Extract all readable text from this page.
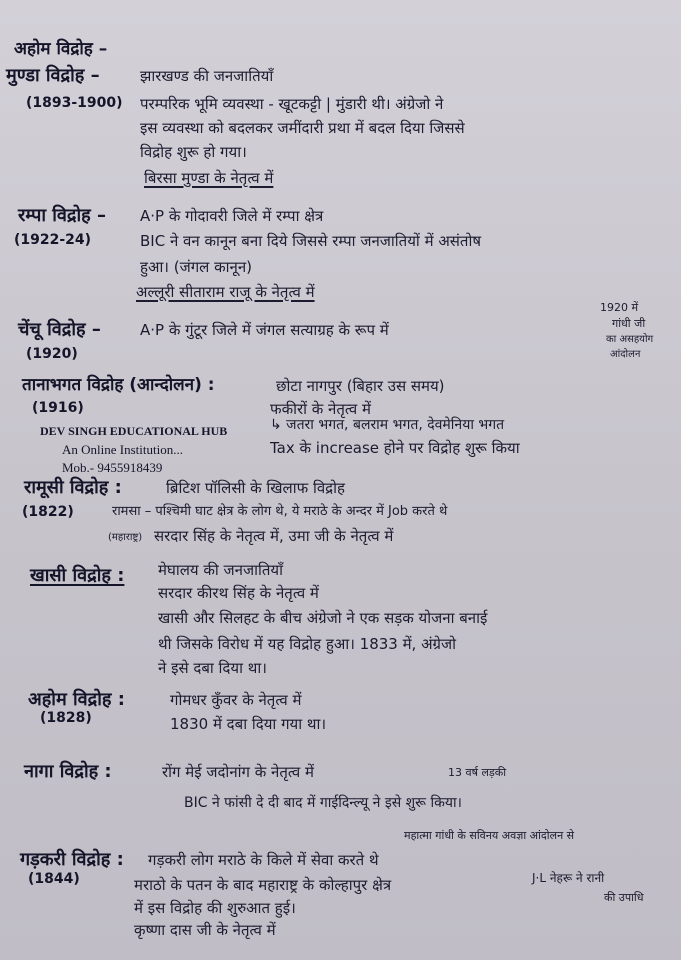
अहोम विद्रोह –
मुण्डा विद्रोह –	झारखण्ड की जनजातियाँ
(1893-1900) परम्परिक भूमि व्यवस्था - खूटकट्टी | मुंडारी थी। अंग्रेजो ने
इस व्यवस्था को बदलकर जमींदारी प्रथा में बदल दिया जिससे
विद्रोह शुरू हो गया।
बिरसा मुण्डा के नेतृत्व में
रम्पा विद्रोह – A·P के गोदावरी जिले में रम्पा क्षेत्र
(1922-24)	BIC ने वन कानून बना दिये जिससे रम्पा जनजातियों में असंतोष
हुआ। (जंगल कानून)
अल्लूरी सीताराम राजू के नेतृत्व में
चेंचू विद्रोह –	A·P के गुंटूर जिले में जंगल सत्याग्रह के रूप में
(1920)
1920 में
गांधी जी
का असहयोग
आंदोलन
तानाभगत विद्रोह (आन्दोलन) :	छोटा नागपुर (बिहार उस समय)
(1916)	फकीरों के नेतृत्व में
↳ जतरा भगत, बलराम भगत, देवमेनिया भगत
Tax के increase होने पर विद्रोह शुरू किया
DEV SINGH EDUCATIONAL HUB
An Online Institution...
Mob.- 9455918439
रामूसी विद्रोह :	ब्रिटिश पॉलिसी के खिलाफ विद्रोह
(1822)	रामसा – पश्चिमी घाट क्षेत्र के लोग थे, ये मराठे के अन्दर में Job करते थे
(महाराष्ट्र) सरदार सिंह के नेतृत्व में, उमा जी के नेतृत्व में
खासी विद्रोह : मेघालय की जनजातियाँ
सरदार कीरथ सिंह के नेतृत्व में
खासी और सिलहट के बीच अंग्रेजो ने एक सड़क योजना बनाई
थी जिसके विरोध में यह विद्रोह हुआ। 1833 में, अंग्रेजो
ने इसे दबा दिया था।
अहोम विद्रोह :	गोमधर कुँवर के नेतृत्व में
(1828)	1830 में दबा दिया गया था।
नागा विद्रोह :	रोंग मेई जदोनांग के नेतृत्व में	13 वर्ष लड़की
BIC ने फांसी दे दी बाद में गाईदिन्ल्यू ने इसे शुरू किया।
महात्मा गांधी के सविनय अवज्ञा आंदोलन से
गड़करी विद्रोह : गड़करी लोग मराठे के किले में सेवा करते थे
(1844)	मराठो के पतन के बाद महाराष्ट्र के कोल्हापुर क्षेत्र
में इस विद्रोह की शुरुआत हुई।
कृष्णा दास जी के नेतृत्व में
J·L नेहरू ने रानी
की उपाधि
